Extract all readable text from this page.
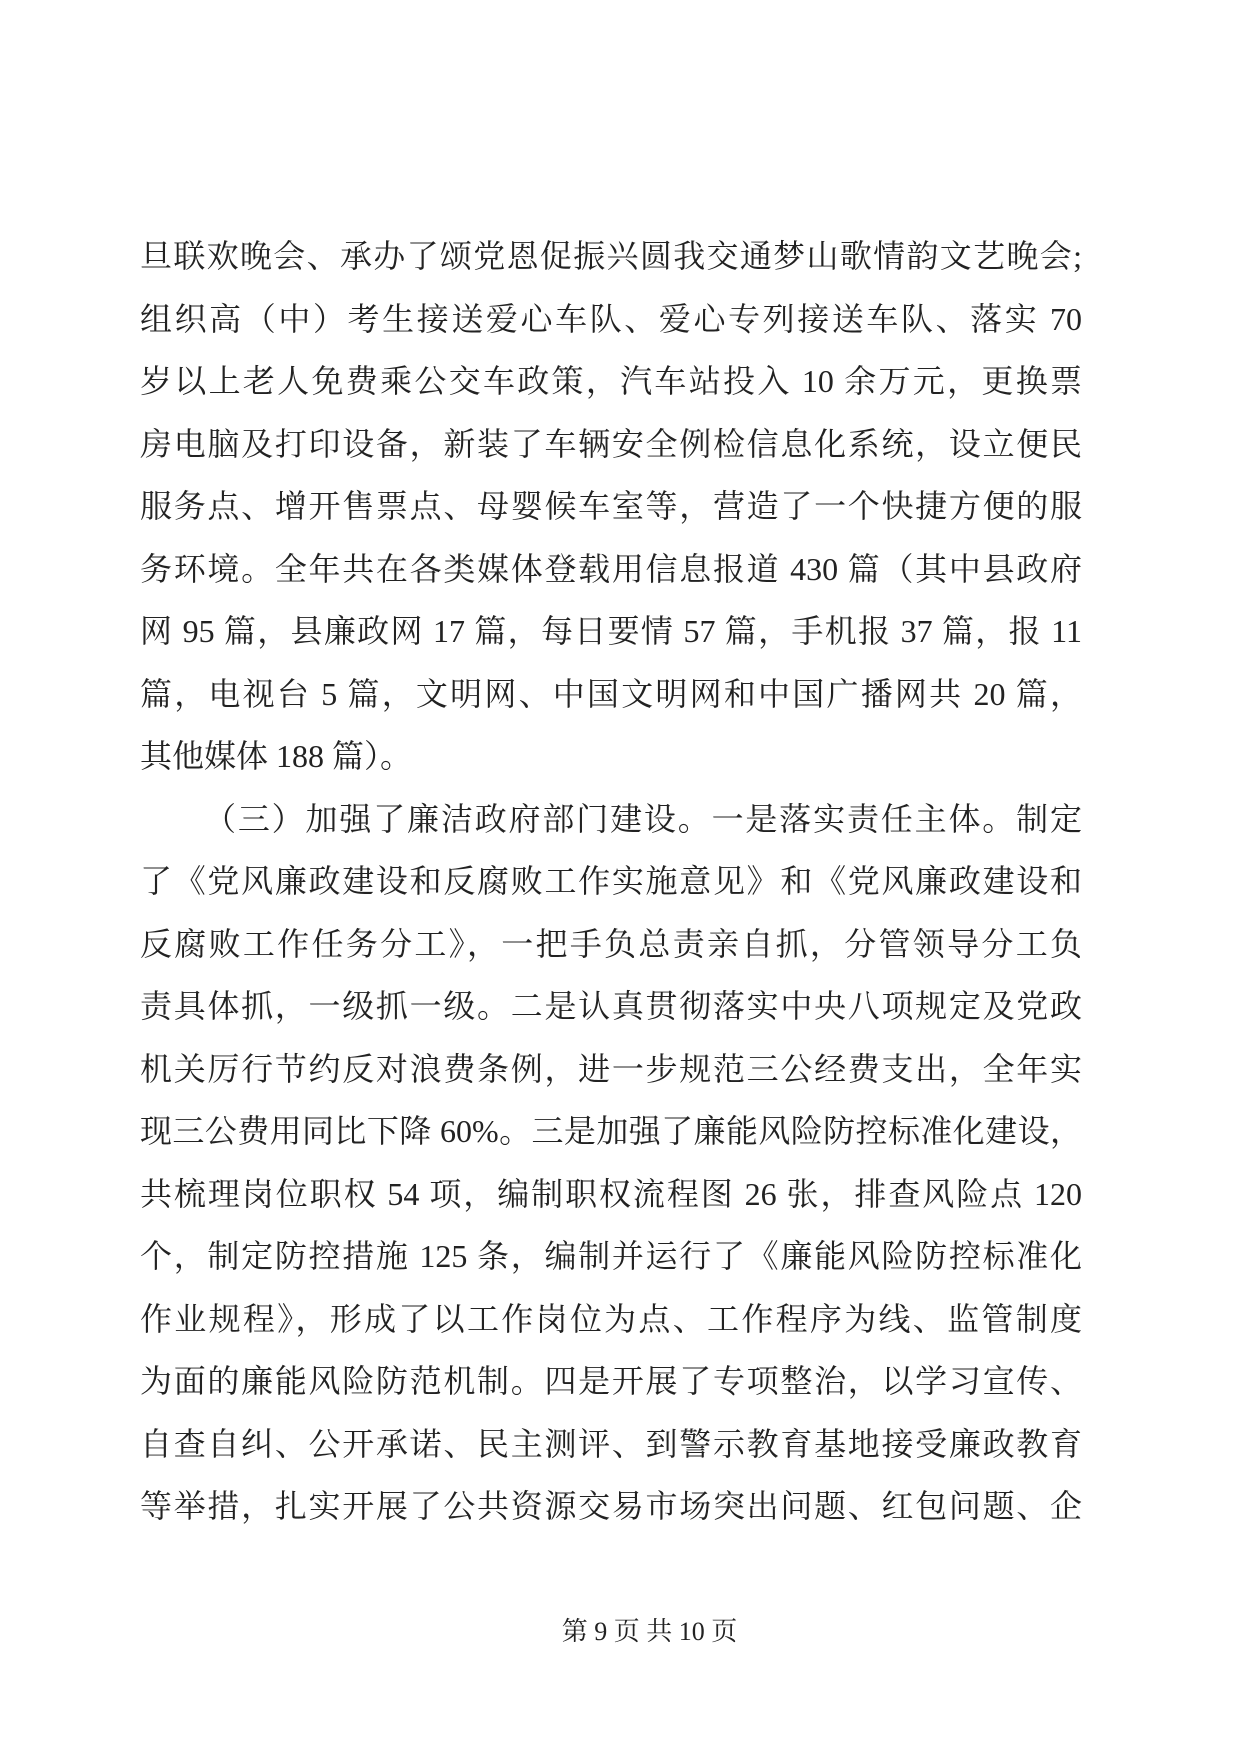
旦联欢晚会、承办了颂党恩促振兴圆我交通梦山歌情韵文艺晚会;
组织高（中）考生接送爱心车队、爱心专列接送车队、落实 70
岁以上老人免费乘公交车政策，汽车站投入 10 余万元，更换票
房电脑及打印设备，新装了车辆安全例检信息化系统，设立便民
服务点、增开售票点、母婴候车室等，营造了一个快捷方便的服
务环境。全年共在各类媒体登载用信息报道 430 篇（其中县政府
网 95 篇，县廉政网 17 篇，每日要情 57 篇，手机报 37 篇，报 11
篇，电视台 5 篇，文明网、中国文明网和中国广播网共 20 篇，
其他媒体 188 篇）。
（三）加强了廉洁政府部门建设。一是落实责任主体。制定
了《党风廉政建设和反腐败工作实施意见》和《党风廉政建设和
反腐败工作任务分工》，一把手负总责亲自抓，分管领导分工负
责具体抓，一级抓一级。二是认真贯彻落实中央八项规定及党政
机关厉行节约反对浪费条例，进一步规范三公经费支出，全年实
现三公费用同比下降 60%。三是加强了廉能风险防控标准化建设，
共梳理岗位职权 54 项，编制职权流程图 26 张，排查风险点 120
个，制定防控措施 125 条，编制并运行了《廉能风险防控标准化
作业规程》，形成了以工作岗位为点、工作程序为线、监管制度
为面的廉能风险防范机制。四是开展了专项整治，以学习宣传、
自查自纠、公开承诺、民主测评、到警示教育基地接受廉政教育
等举措，扎实开展了公共资源交易市场突出问题、红包问题、企
第 9 页 共 10 页
